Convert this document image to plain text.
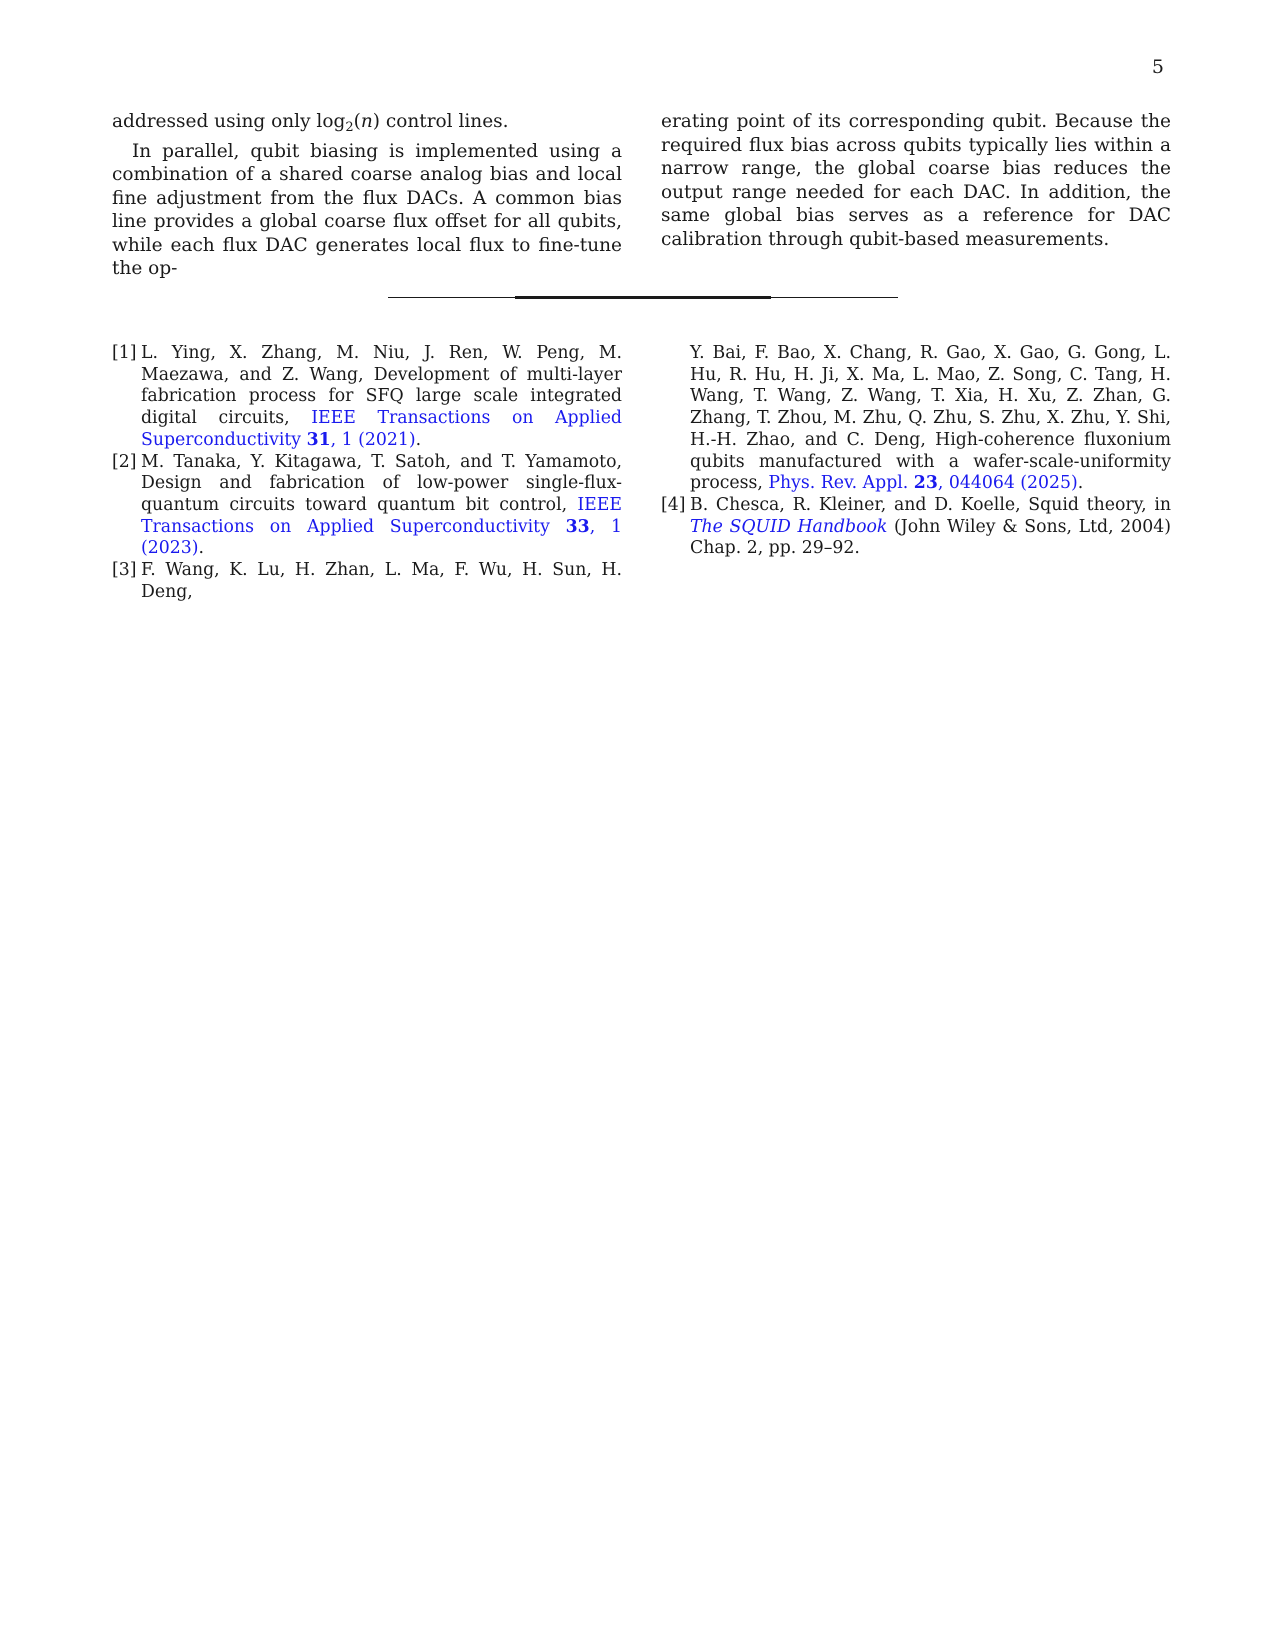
5

addressed using only $\log_2(n)$ control lines.

In parallel, qubit biasing is implemented using a combination of a shared coarse analog bias and local fine adjustment from the flux DACs. A common bias line provides a global coarse flux offset for all qubits, while each flux DAC generates local flux to fine-tune the op-

erating point of its corresponding qubit. Because the required flux bias across qubits typically lies within a narrow range, the global coarse bias reduces the output range needed for each DAC. In addition, the same global bias serves as a reference for DAC calibration through qubit-based measurements.

[1] L. Ying, X. Zhang, M. Niu, J. Ren, W. Peng, M. Maezawa, and Z. Wang, Development of multi-layer fabrication process for SFQ large scale integrated digital circuits, IEEE Transactions on Applied Superconductivity 31, 1 (2021).
[2] M. Tanaka, Y. Kitagawa, T. Satoh, and T. Yamamoto, Design and fabrication of low-power single-flux-quantum circuits toward quantum bit control, IEEE Transactions on Applied Superconductivity 33, 1 (2023).
[3] F. Wang, K. Lu, H. Zhan, L. Ma, F. Wu, H. Sun, H. Deng,
Y. Bai, F. Bao, X. Chang, R. Gao, X. Gao, G. Gong, L. Hu, R. Hu, H. Ji, X. Ma, L. Mao, Z. Song, C. Tang, H. Wang, T. Wang, Z. Wang, T. Xia, H. Xu, Z. Zhan, G. Zhang, T. Zhou, M. Zhu, Q. Zhu, S. Zhu, X. Zhu, Y. Shi, H.-H. Zhao, and C. Deng, High-coherence fluxonium qubits manufactured with a wafer-scale-uniformity process, Phys. Rev. Appl. 23, 044064 (2025).
[4] B. Chesca, R. Kleiner, and D. Koelle, Squid theory, in The SQUID Handbook (John Wiley & Sons, Ltd, 2004) Chap. 2, pp. 29–92.
